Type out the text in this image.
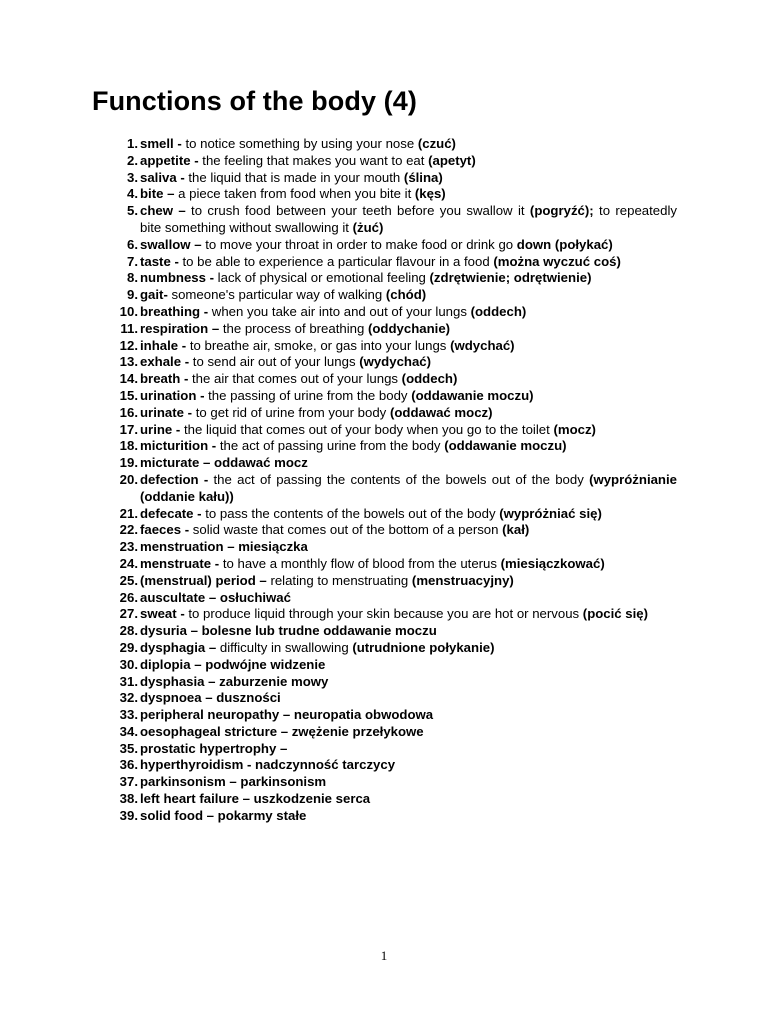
Functions of the body (4)
1. smell - to notice something by using your nose (czuć)
2. appetite - the feeling that makes you want to eat (apetyt)
3. saliva - the liquid that is made in your mouth (ślina)
4. bite – a piece taken from food when you bite it (kęs)
5. chew – to crush food between your teeth before you swallow it (pogryźć); to repeatedly bite something without swallowing it (żuć)
6. swallow – to move your throat in order to make food or drink go down (połykać)
7. taste - to be able to experience a particular flavour in a food (można wyczuć coś)
8. numbness - lack of physical or emotional feeling (zdrętwienie; odrętwienie)
9. gait- someone's particular way of walking (chód)
10. breathing - when you take air into and out of your lungs (oddech)
11. respiration – the process of breathing (oddychanie)
12. inhale - to breathe air, smoke, or gas into your lungs (wdychać)
13. exhale - to send air out of your lungs (wydychać)
14. breath - the air that comes out of your lungs (oddech)
15. urination - the passing of urine from the body (oddawanie moczu)
16. urinate - to get rid of urine from your body (oddawać mocz)
17. urine - the liquid that comes out of your body when you go to the toilet (mocz)
18. micturition - the act of passing urine from the body (oddawanie moczu)
19. micturate – oddawać mocz
20. defection - the act of passing the contents of the bowels out of the body (wypróżnianie (oddanie kału))
21. defecate - to pass the contents of the bowels out of the body (wypróżniać się)
22. faeces - solid waste that comes out of the bottom of a person (kał)
23. menstruation – miesiączka
24. menstruate - to have a monthly flow of blood from the uterus (miesiączkować)
25. (menstrual) period – relating to menstruating (menstruacyjny)
26. auscultate – osłuchiwać
27. sweat - to produce liquid through your skin because you are hot or nervous (pocić się)
28. dysuria – bolesne lub trudne oddawanie moczu
29. dysphagia – difficulty in swallowing (utrudnione połykanie)
30. diplopia – podwójne widzenie
31. dysphasia – zaburzenie mowy
32. dyspnoea – duszności
33. peripheral neuropathy – neuropatia obwodowa
34. oesophageal stricture – zwężenie przełykowe
35. prostatic hypertrophy –
36. hyperthyroidism - nadczynność tarczycy
37. parkinsonism – parkinsonism
38. left heart failure – uszkodzenie serca
39. solid food – pokarmy stałe
1
